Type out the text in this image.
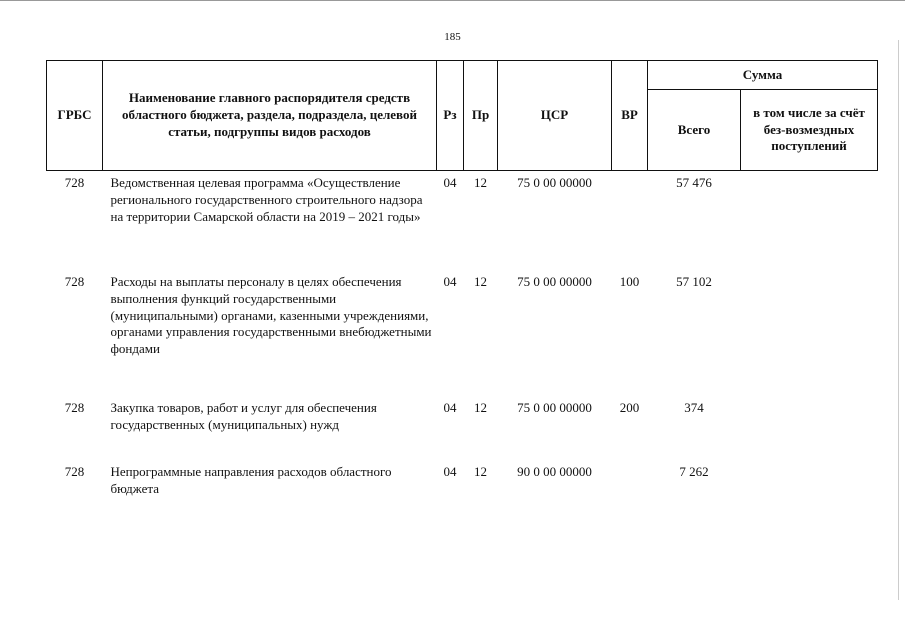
185
ГРБС	Наименование главного распорядителя средств областного бюджета, раздела, подраздела, целевой статьи, подгруппы видов расходов	Рз	Пр	ЦСР	ВР	Сумма	
						Всего	в том числе за счёт без-возмездных поступлений
728	Ведомственная целевая программа «Осуществление регионального государственного строительного надзора на территории Самарской области на 2019 – 2021 годы»	04	12	75 0 00 00000		57 476	
728	Расходы на выплаты персоналу в целях обеспечения выполнения функций государственными (муниципальными) органами, казенными учреждениями, органами управления государственными внебюджетными фондами	04	12	75 0 00 00000	100	57 102	
728	Закупка товаров, работ и услуг для обеспечения государственных (муниципальных) нужд	04	12	75 0 00 00000	200	374	
728	Непрограммные направления расходов областного бюджета	04	12	90 0 00 00000		7 262	
